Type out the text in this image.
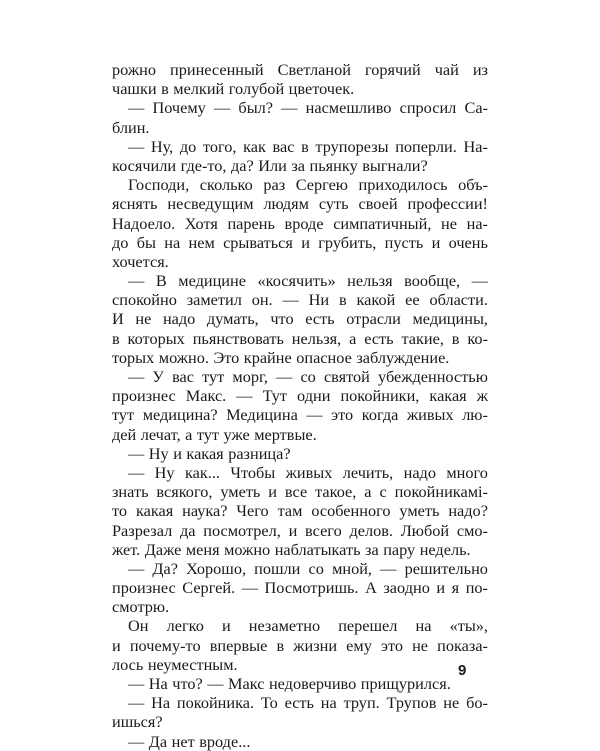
рожно принесенный Светланой горячий чай из
чашки в мелкий голубой цветочек.
— Почему — был? — насмешливо спросил Са-
блин.
— Ну, до того, как вас в трупорезы поперли. На-
косячили где-то, да? Или за пьянку выгнали?
Господи, сколько раз Сергею приходилось объ-
яснять несведущим людям суть своей профессии!
Надоело. Хотя парень вроде симпатичный, не на-
до бы на нем срываться и грубить, пусть и очень
хочется.
— В медицине «косячить» нельзя вообще, —
спокойно заметил он. — Ни в какой ее области.
И не надо думать, что есть отрасли медицины,
в которых пьянствовать нельзя, а есть такие, в ко-
торых можно. Это крайне опасное заблуждение.
— У вас тут морг, — со святой убежденностью
произнес Макс. — Тут одни покойники, какая ж
тут медицина? Медицина — это когда живых лю-
дей лечат, а тут уже мертвые.
— Ну и какая разница?
— Ну как... Чтобы живых лечить, надо много
знать всякого, уметь и все такое, а с покойникамі-
то какая наука? Чего там особенного уметь надо?
Разрезал да посмотрел, и всего делов. Любой смо-
жет. Даже меня можно наблатыкать за пару недель.
— Да? Хорошо, пошли со мной, — решительно
произнес Сергей. — Посмотришь. А заодно и я по-
смотрю.
Он легко и незаметно перешел на «ты»,
и почему-то впервые в жизни ему это не показа-
лось неуместным.
— На что? — Макс недоверчиво прищурился.
— На покойника. То есть на труп. Трупов не бо-
ишься?
— Да нет вроде...
9
